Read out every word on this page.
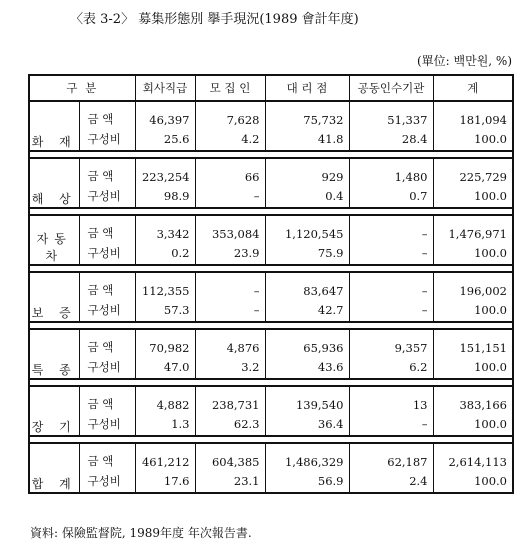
〈表 3-2〉 募集形態別 擧手現況(1989 會計年度)
(單位: 백만원, %)
구 분		회사직급	모 집 인	대 리 점	공동인수기관	계
화 재	금 액	46,397	7,628	75,732	51,337	181,094
	구성비	25.6	4.2	41.8	28.4	100.0

해 상	금 액	223,254	66	929	1,480	225,729
	구성비	98.9	–	0.4	0.7	100.0

자동차	금 액	3,342	353,084	1,120,545	–	1,476,971
	구성비	0.2	23.9	75.9	–	100.0

보 증	금 액	112,355	–	83,647	–	196,002
	구성비	57.3	–	42.7	–	100.0

특 종	금 액	70,982	4,876	65,936	9,357	151,151
	구성비	47.0	3.2	43.6	6.2	100.0

장 기	금 액	4,882	238,731	139,540	13	383,166
	구성비	1.3	62.3	36.4	–	100.0

합 계	금 액	461,212	604,385	1,486,329	62,187	2,614,113
	구성비	17.6	23.1	56.9	2.4	100.0
資料: 保險監督院, 1989年度 年次報告書.
